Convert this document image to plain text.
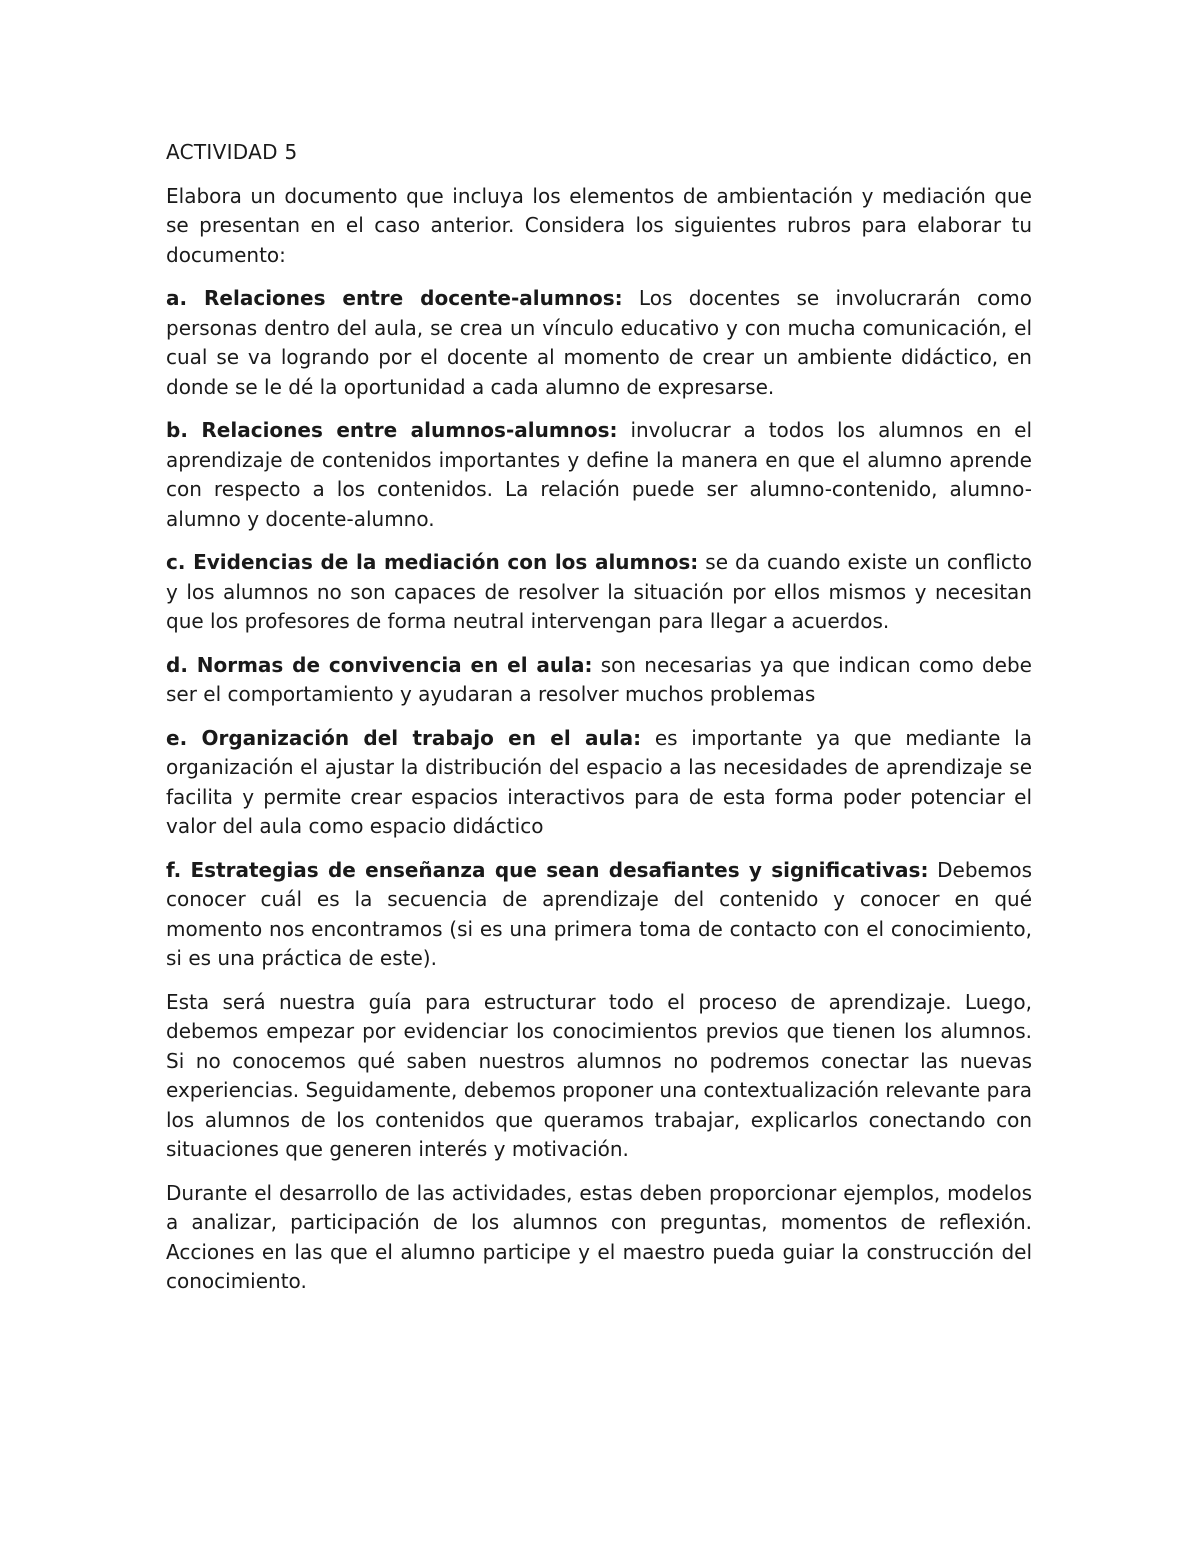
ACTIVIDAD 5

Elabora un documento que incluya los elementos de ambientación y mediación que se presentan en el caso anterior. Considera los siguientes rubros para elaborar tu documento:

a. Relaciones entre docente-alumnos: Los docentes se involucrarán como personas dentro del aula, se crea un vínculo educativo y con mucha comunicación, el cual se va logrando por el docente al momento de crear un ambiente didáctico, en donde se le dé la oportunidad a cada alumno de expresarse.

b. Relaciones entre alumnos-alumnos: involucrar a todos los alumnos en el aprendizaje de contenidos importantes y define la manera en que el alumno aprende con respecto a los contenidos. La relación puede ser alumno-contenido, alumno-alumno y docente-alumno.

c. Evidencias de la mediación con los alumnos: se da cuando existe un conflicto y los alumnos no son capaces de resolver la situación por ellos mismos y necesitan que los profesores de forma neutral intervengan para llegar a acuerdos.

d. Normas de convivencia en el aula: son necesarias ya que indican como debe ser el comportamiento y ayudaran a resolver muchos problemas

e. Organización del trabajo en el aula: es importante ya que mediante la organización el ajustar la distribución del espacio a las necesidades de aprendizaje se facilita y permite crear espacios interactivos para de esta forma poder potenciar el valor del aula como espacio didáctico

f. Estrategias de enseñanza que sean desafiantes y significativas: Debemos conocer cuál es la secuencia de aprendizaje del contenido y conocer en qué momento nos encontramos (si es una primera toma de contacto con el conocimiento, si es una práctica de este).

Esta será nuestra guía para estructurar todo el proceso de aprendizaje. Luego, debemos empezar por evidenciar los conocimientos previos que tienen los alumnos. Si no conocemos qué saben nuestros alumnos no podremos conectar las nuevas experiencias. Seguidamente, debemos proponer una contextualización relevante para los alumnos de los contenidos que queramos trabajar, explicarlos conectando con situaciones que generen interés y motivación.

Durante el desarrollo de las actividades, estas deben proporcionar ejemplos, modelos a analizar, participación de los alumnos con preguntas, momentos de reflexión. Acciones en las que el alumno participe y el maestro pueda guiar la construcción del conocimiento.
